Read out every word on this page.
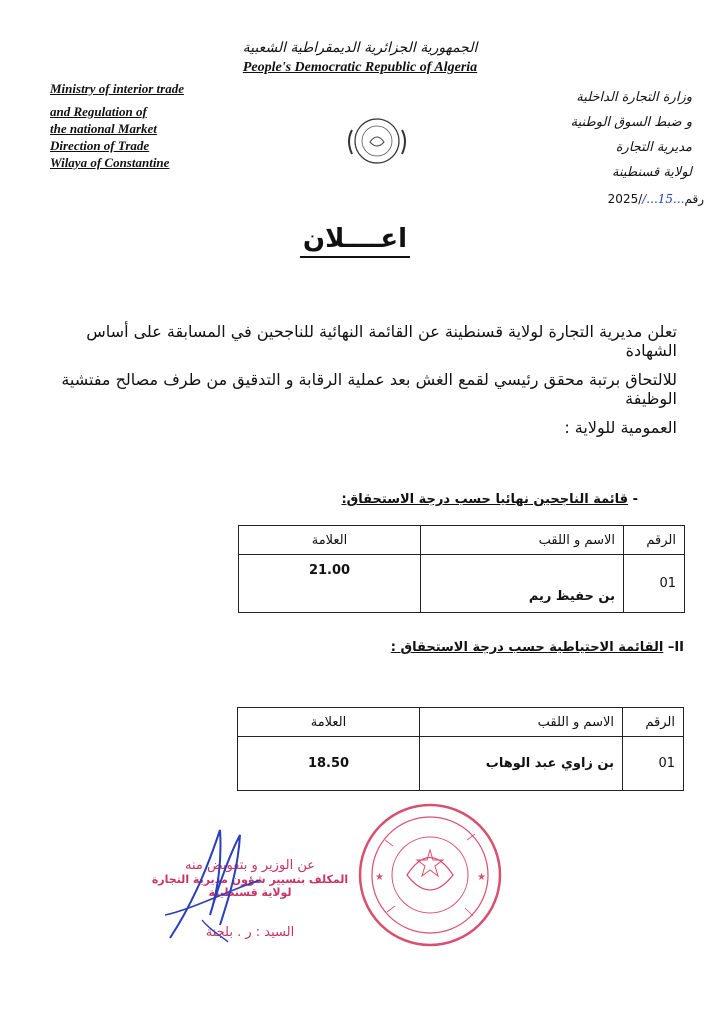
الجمهورية الجزائرية الديمقراطية الشعبية
People's Democratic Republic of Algeria
Ministry of interior trade
and Regulation of
the national Market
Direction of Trade
Wilaya of Constantine
وزارة التجارة الداخلية
و ضبط السوق الوطنية
مديرية التجارة
لولاية قسنطينة
2025//...15...رقم
اعــــلان
تعلن مديرية التجارة لولاية قسنطينة عن القائمة النهائية للناجحين في المسابقة على أساس الشهادة
للالتحاق برتبة محقق رئيسي لقمع الغش بعد عملية الرقابة و التدقيق من طرف مصالح مفتشية الوظيفة
العمومية للولاية :
- قائمة الناجحين نهائيا حسب درجة الاستحقاق:
الرقم	الاسم و اللقب	العلامة
01	بن حفيظ ريم	21.00
II– القائمة الاحتياطية حسب درجة الاستحقاق :
الرقم	الاسم و اللقب	العلامة
01	بن زاوي عبد الوهاب	18.50
★	★
عن الوزير و بتفويض منه
المكلف بتسيير شؤون مديرية التجارة لولاية قسنطينة
السيد : ر . بلجنة
